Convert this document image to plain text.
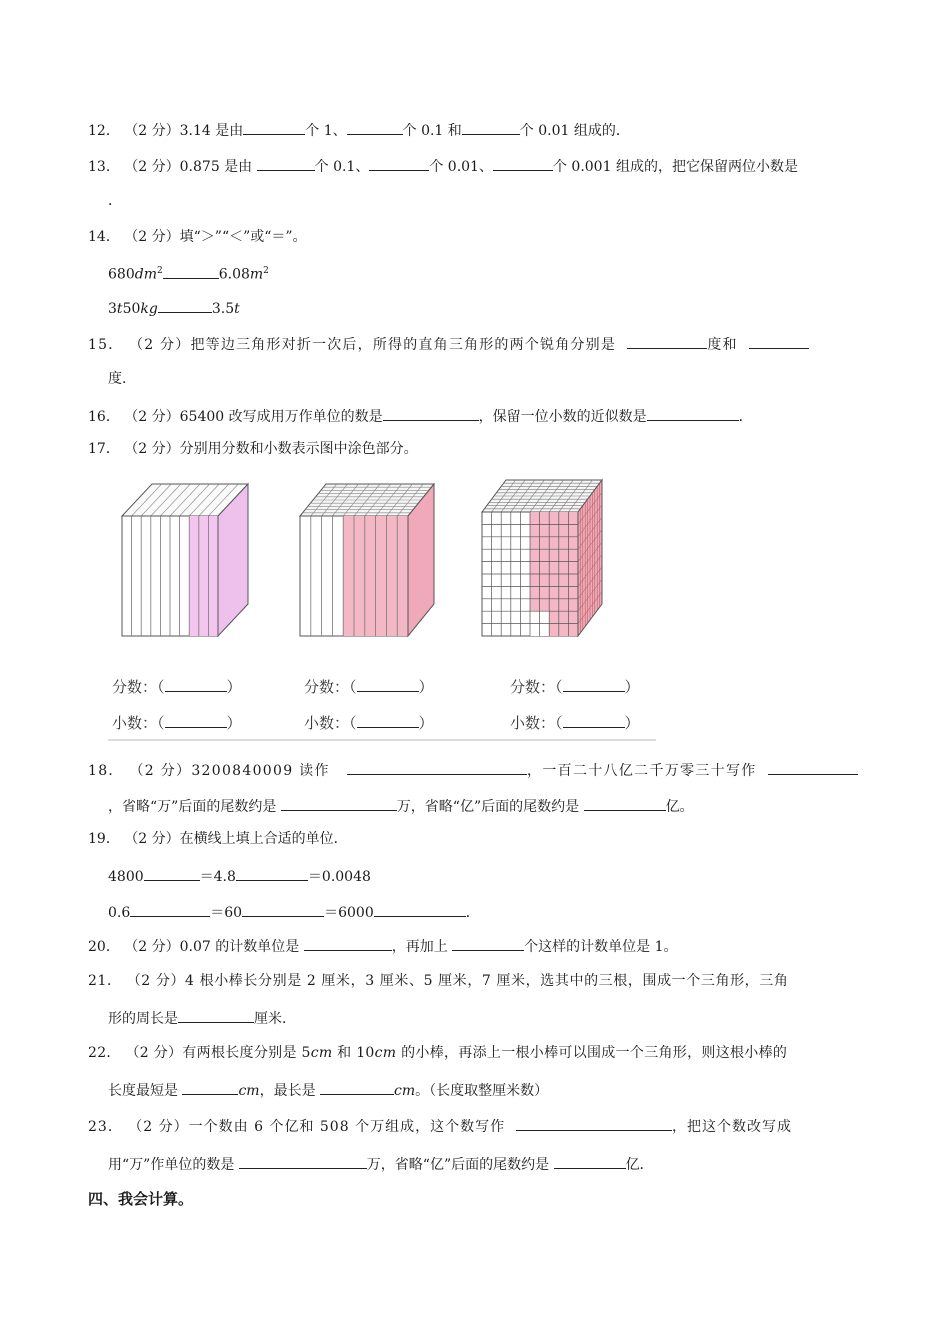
12． （2 分）3.14 是由	个 1、	个 0.1 和	个 0.01 组成的．
13． （2 分）0.875 是由	个 0.1、	个 0.01、	个 0.001 组成的，把它保留两位小数是
．
14． （2 分）填“＞”“＜”或“＝”。
$680dm^2$	$6.08m^2$
3t50kg	3.5t
15． （2 分）把等边三角形对折一次后，所得的直角三角形的两个锐角分别是	度和
度．
16． （2 分）65400 改写成用万作单位的数是	，保留一位小数的近似数是	．
17． （2 分）分别用分数和小数表示图中涂色部分。
分数：（	）	分数：（	）	分数：（	）
小数：（	）	小数：（	）	小数：（	）
18． （2 分）3200840009 读作	，一百二十八亿二千万零三十写作
，省略“万”后面的尾数约是	万，省略“亿”后面的尾数约是	亿。
19． （2 分）在横线上填上合适的单位．
4800	＝4.8	＝0.0048
0.6	＝60	＝6000	．
20． （2 分）0.07 的计数单位是	，再加上	个这样的计数单位是 1。
21． （2 分）4 根小棒长分别是 2 厘米，3 厘米、5 厘米，7 厘米，选其中的三根，围成一个三角形，三角
形的周长是	厘米．
22． （2 分）有两根长度分别是 5cm 和 10cm 的小棒，再添上一根小棒可以围成一个三角形，则这根小棒的
长度最短是	cm，最长是	cm。（长度取整厘米数）
23． （2 分）一个数由 6 个亿和 508 个万组成，这个数写作	，把这个数改写成
用“万”作单位的数是	万，省略“亿”后面的尾数约是	亿．
四、我会计算。
